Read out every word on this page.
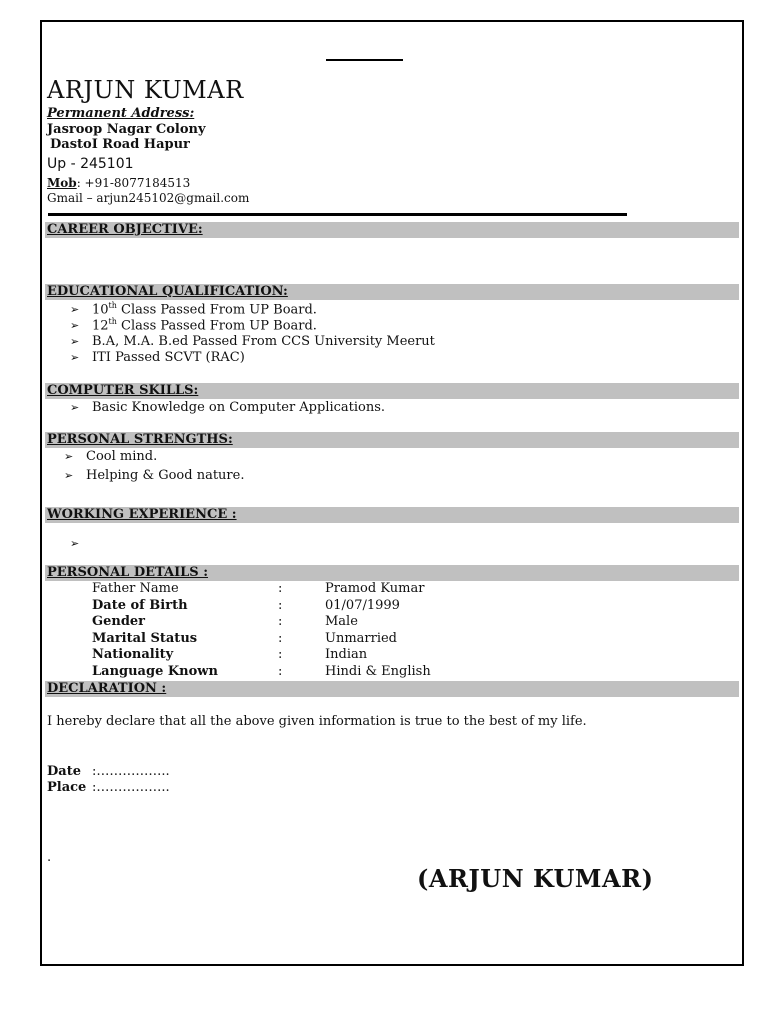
ARJUN KUMAR
Permanent Address:
Jasroop Nagar Colony
DastoI Road Hapur
Up - 245101
Mob: +91-8077184513
Gmail – arjun245102@gmail.com
CAREER OBJECTIVE:
EDUCATIONAL QUALIFICATION:
➢ 10th Class Passed From UP Board.
➢ 12th Class Passed From UP Board.
➢ B.A, M.A. B.ed Passed From CCS University Meerut
➢ ITI Passed SCVT (RAC)
COMPUTER SKILLS:
➢ Basic Knowledge on Computer Applications.
PERSONAL STRENGTHS:
➢ Cool mind.
➢ Helping & Good nature.
WORKING EXPERIENCE :
➢
PERSONAL DETAILS :
Father Name	:	Pramod Kumar
Date of Birth	:	01/07/1999
Gender	:	Male
Marital Status	:	Unmarried
Nationality	:	Indian
Language Known	:	Hindi & English
DECLARATION :
I hereby declare that all the above given information is true to the best of my life.
Date :……………..
Place :……………..
.
(ARJUN KUMAR)
